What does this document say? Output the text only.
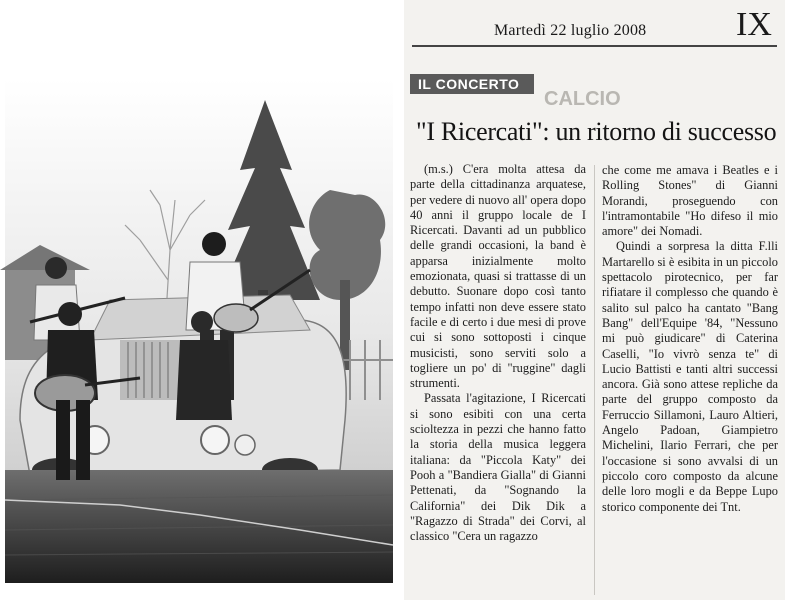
Martedì 22 luglio 2008	IX
CALCIO
IL CONCERTO
"I Ricercati": un ritorno di successo

(m.s.) C'era molta attesa da parte della cittadinanza arquatese, per vedere di nuovo all' opera dopo 40 anni il gruppo locale de I Ricercati. Davanti ad un pubblico delle grandi occasioni, la band è apparsa inizialmente molto emozionata, quasi si trattasse di un debutto. Suonare dopo così tanto tempo infatti non deve essere stato facile e di certo i due mesi di prove cui si sono sottoposti i cinque musicisti, sono serviti solo a togliere un po' di "ruggine" dagli strumenti.

Passata l'agitazione, I Ricercati si sono esibiti con una certa scioltezza in pezzi che hanno fatto la storia della musica leggera italiana: da "Piccola Katy" dei Pooh a "Bandiera Gialla" di Gianni Pettenati, da "Sognando la California" dei Dik Dik a "Ragazzo di Strada" dei Corvi, al classico "Cera un ragazzo

che come me amava i Beatles e i Rolling Stones" di Gianni Morandi, proseguendo con l'intramontabile "Ho difeso il mio amore" dei Nomadi.

Quindi a sorpresa la ditta F.lli Martarello si è esibita in un piccolo spettacolo pirotecnico, per far rifiatare il complesso che quando è salito sul palco ha cantato "Bang Bang" dell'Equipe '84, "Nessuno mi può giudicare" di Caterina Caselli, "Io vivrò senza te" di Lucio Battisti e tanti altri successi ancora. Già sono attese repliche da parte del gruppo composto da Ferruccio Sillamoni, Lauro Altieri, Angelo Padoan, Giampietro Michelini, Ilario Ferrari, che per l'occasione si sono avvalsi di un piccolo coro composto da alcune delle loro mogli e da Beppe Lupo storico componente dei Tnt.
